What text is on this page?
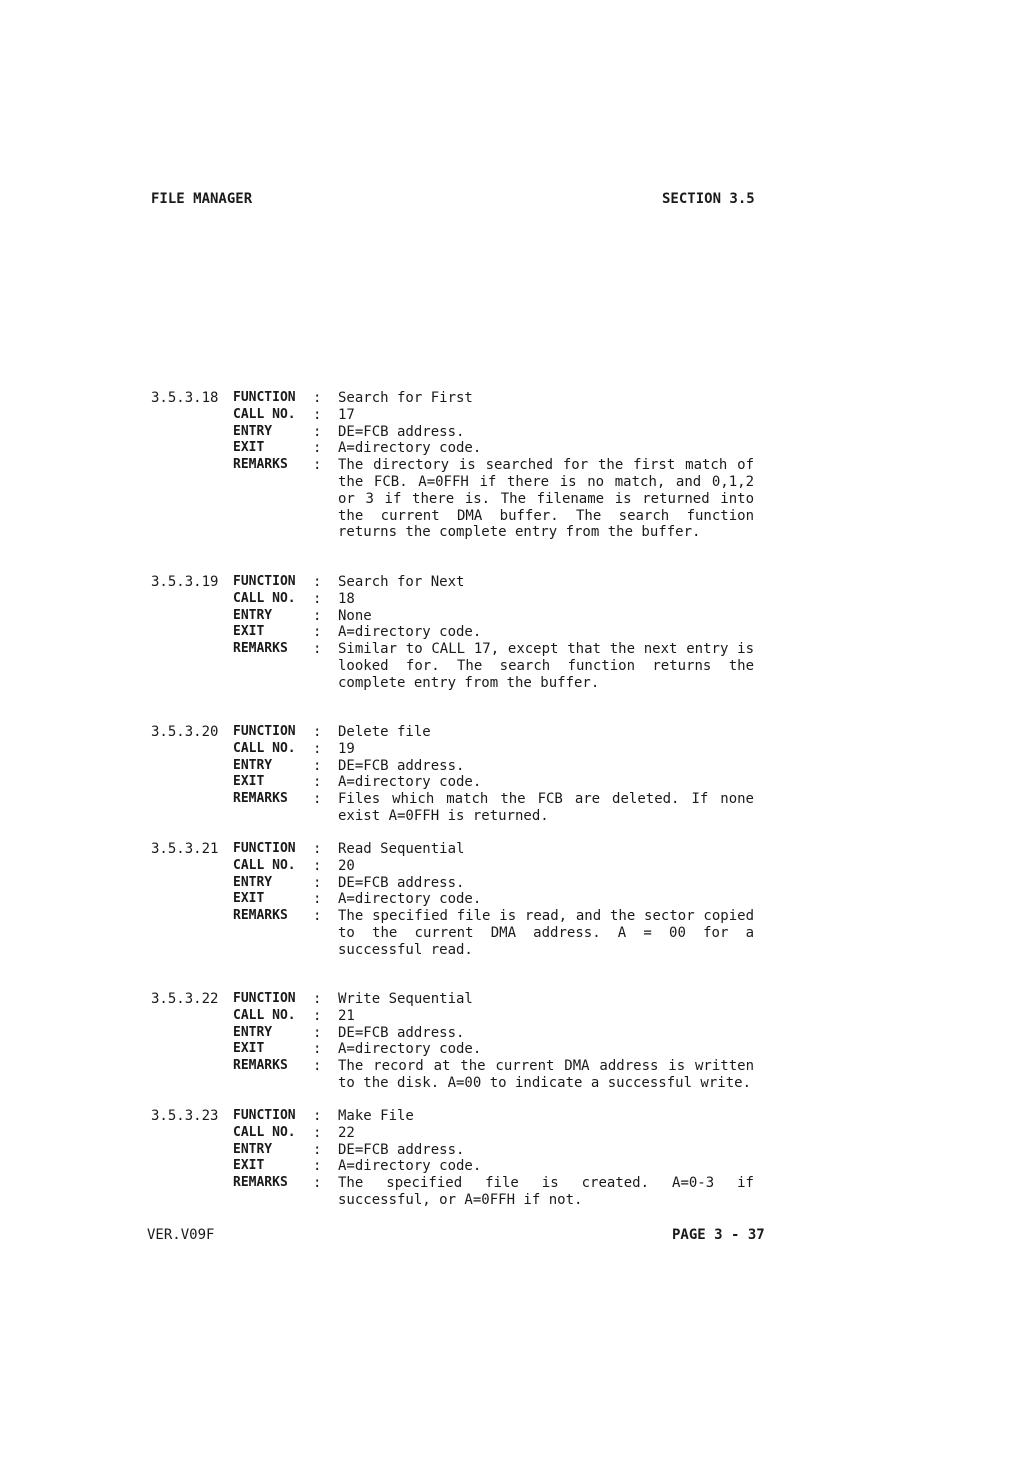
FILE MANAGER	SECTION 3.5
3.5.3.18 FUNCTION : Search for First
CALL NO. : 17
ENTRY	: DE=FCB address.
EXIT	: A=directory code.
REMARKS : The directory is searched for the first match of the FCB. A=0FFH if there is no match, and 0,1,2 or 3 if there is. The filename is returned into the current DMA buffer. The search function returns the complete entry from the buffer.
3.5.3.19 FUNCTION : Search for Next
CALL NO. : 18
ENTRY	: None
EXIT	: A=directory code.
REMARKS : Similar to CALL 17, except that the next entry is looked for. The search function returns the complete entry from the buffer.
3.5.3.20 FUNCTION : Delete file
CALL NO. : 19
ENTRY	: DE=FCB address.
EXIT	: A=directory code.
REMARKS : Files which match the FCB are deleted. If none exist A=0FFH is returned.
3.5.3.21 FUNCTION : Read Sequential
CALL NO. : 20
ENTRY	: DE=FCB address.
EXIT	: A=directory code.
REMARKS : The specified file is read, and the sector copied to the current DMA address. A = 00 for a successful read.
3.5.3.22 FUNCTION : Write Sequential
CALL NO. : 21
ENTRY	: DE=FCB address.
EXIT	: A=directory code.
REMARKS : The record at the current DMA address is written to the disk. A=00 to indicate a successful write.
3.5.3.23 FUNCTION : Make File
CALL NO. : 22
ENTRY	: DE=FCB address.
EXIT	: A=directory code.
REMARKS : The specified file is created. A=0-3 if successful, or A=0FFH if not.
VER.V09F	PAGE 3 - 37
